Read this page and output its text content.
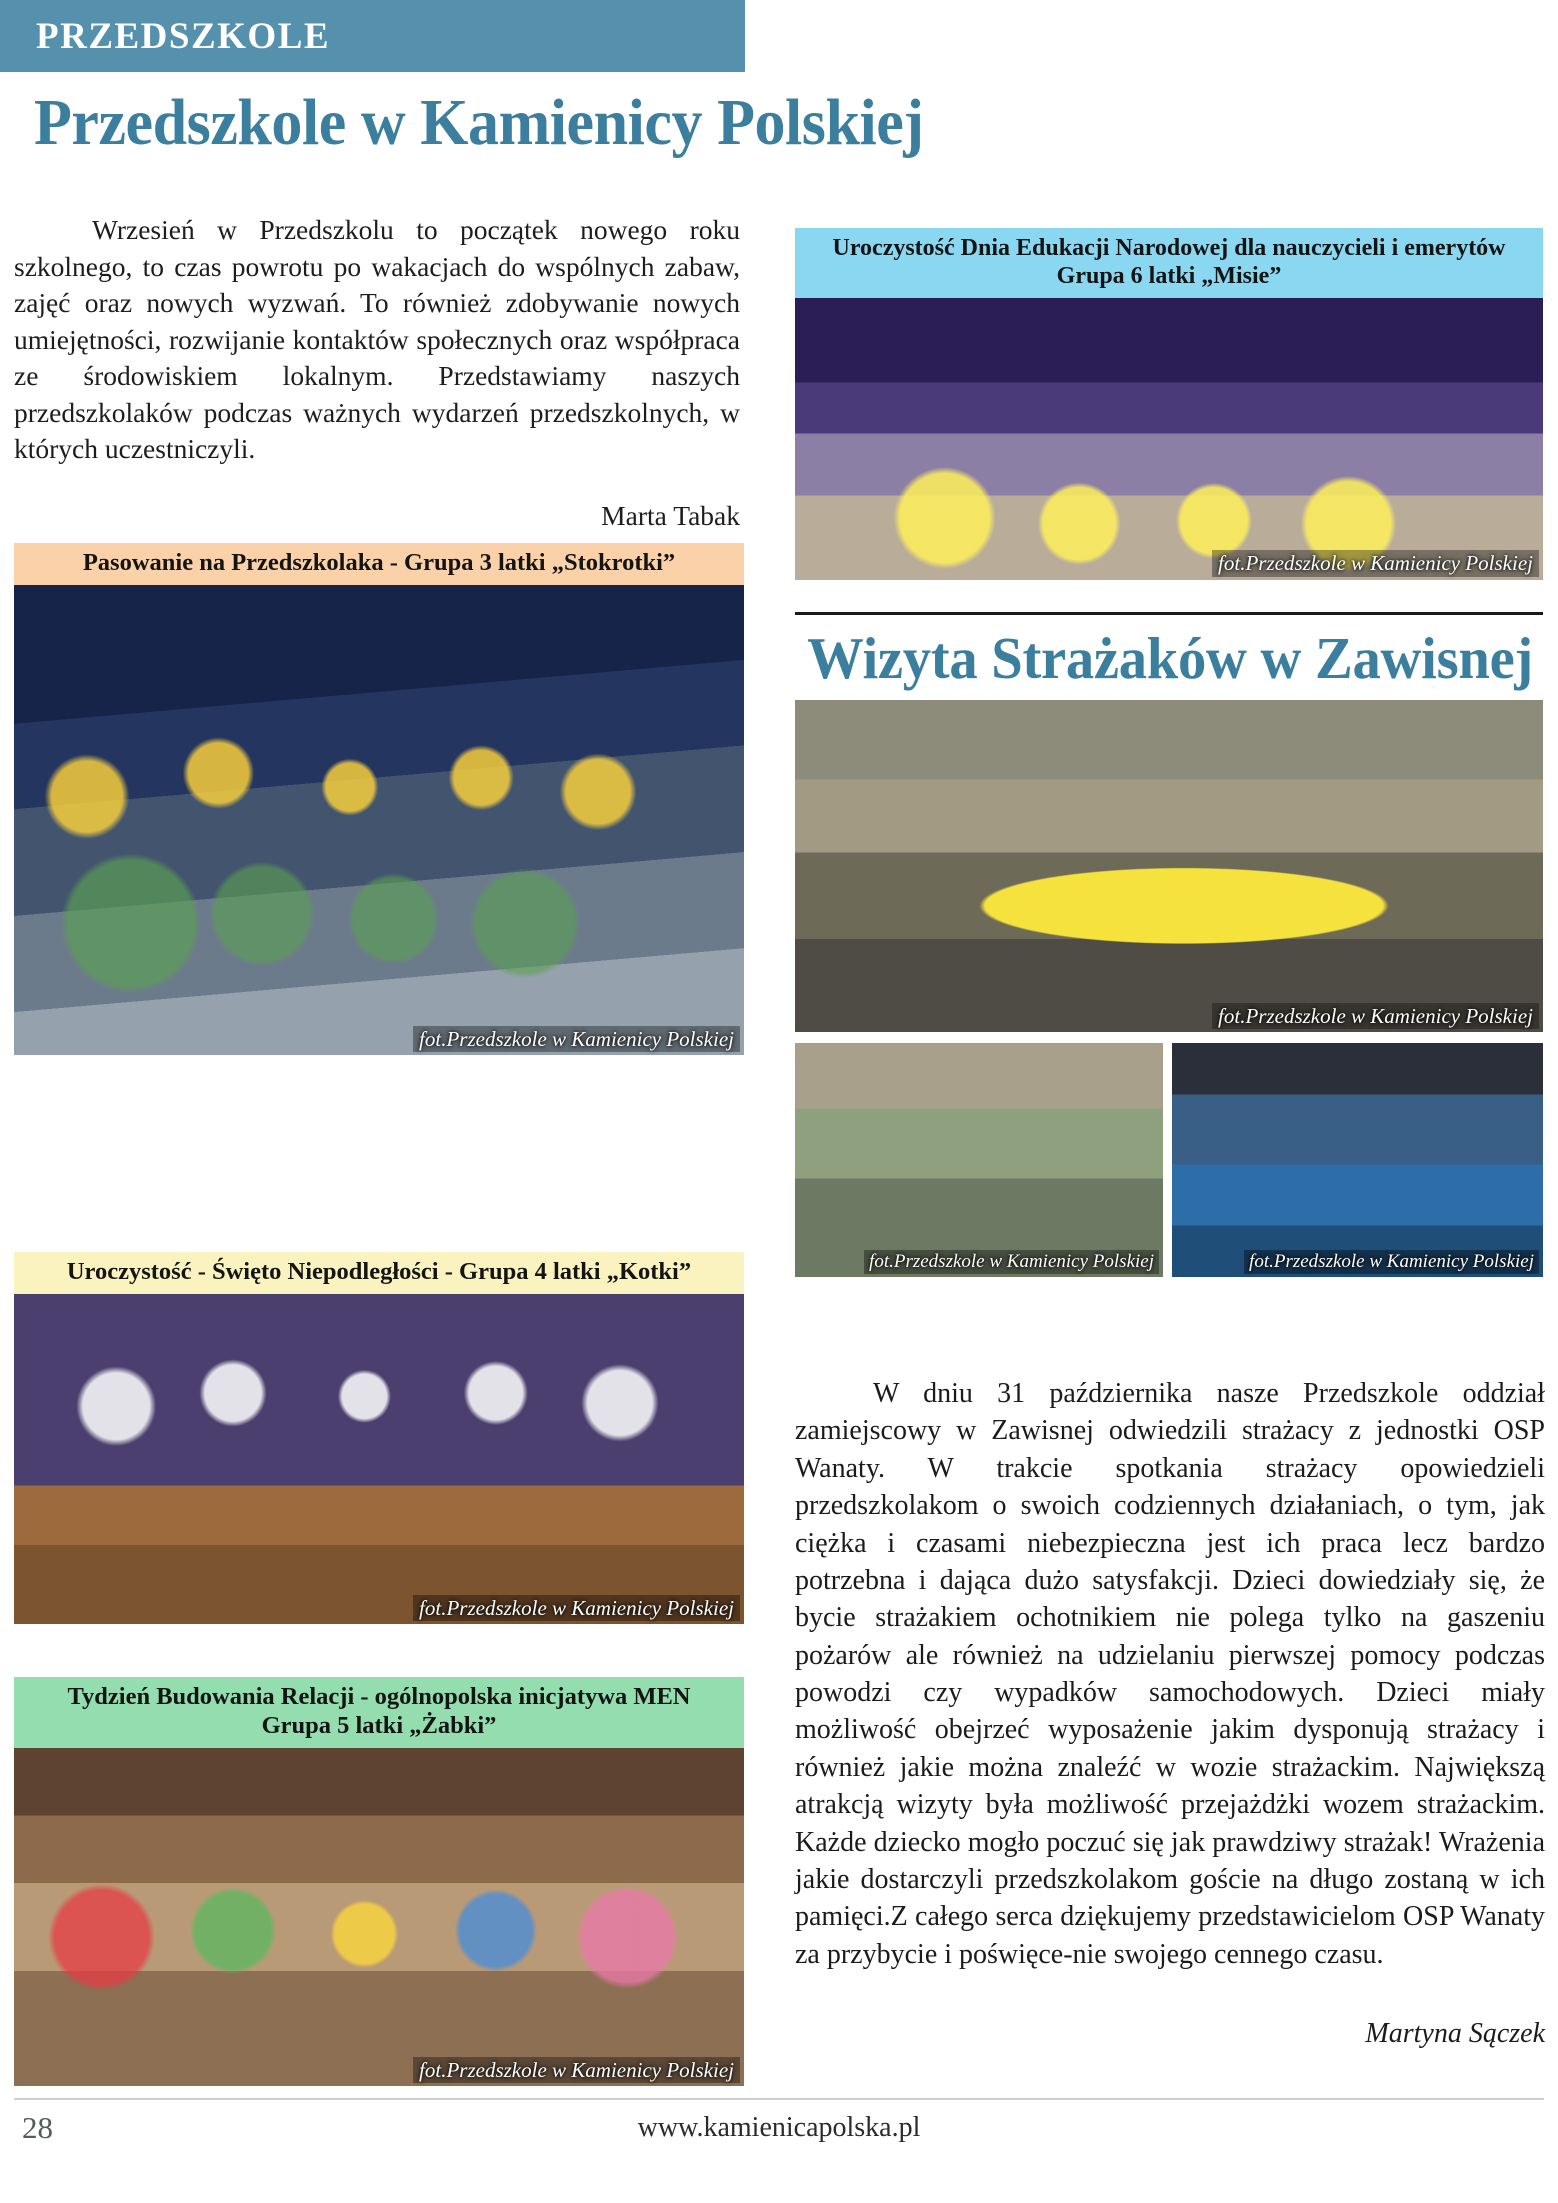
PRZEDSZKOLE
Przedszkole w Kamienicy Polskiej
Wrzesień w Przedszkolu to początek nowego roku szkolnego, to czas powrotu po wakacjach do wspólnych zabaw, zajęć oraz nowych wyzwań. To również zdobywanie nowych umiejętności, rozwijanie kontaktów społecznych oraz współpraca ze środowiskiem lokalnym. Przedstawiamy naszych przedszkolaków podczas ważnych wydarzeń przedszkolnych, w których uczestniczyli.
Marta Tabak
Pasowanie na Przedszkolaka - Grupa 3 latki „Stokrotki”
fot.Przedszkole w Kamienicy Polskiej
Uroczystość - Święto Niepodległości - Grupa 4 latki „Kotki”
fot.Przedszkole w Kamienicy Polskiej
Tydzień Budowania Relacji - ogólnopolska inicjatywa MEN
Grupa 5 latki „Żabki”
fot.Przedszkole w Kamienicy Polskiej
Uroczystość Dnia Edukacji Narodowej dla nauczycieli i emerytów
Grupa 6 latki „Misie”
fot.Przedszkole w Kamienicy Polskiej
Wizyta Strażaków w Zawisnej
fot.Przedszkole w Kamienicy Polskiej
fot.Przedszkole w Kamienicy Polskiej	fot.Przedszkole w Kamienicy Polskiej
W dniu 31 października nasze Przedszkole oddział zamiejscowy w Zawisnej odwiedzili strażacy z jednostki OSP Wanaty. W trakcie spotkania strażacy opowiedzieli przedszkolakom o swoich codziennych działaniach, o tym, jak ciężka i czasami niebezpieczna jest ich praca lecz bardzo potrzebna i dająca dużo satysfakcji. Dzieci dowiedziały się, że bycie strażakiem ochotnikiem nie polega tylko na gaszeniu pożarów ale również na udzielaniu pierwszej pomocy podczas powodzi czy wypadków samochodowych. Dzieci miały możliwość obejrzeć wyposażenie jakim dysponują strażacy i również jakie można znaleźć w wozie strażackim. Największą atrakcją wizyty była możliwość przejażdżki wozem strażackim. Każde dziecko mogło poczuć się jak prawdziwy strażak! Wrażenia jakie dostarczyli przedszkolakom goście na długo zostaną w ich pamięci.Z całego serca dziękujemy przedstawicielom OSP Wanaty za przybycie i poświęce-nie swojego cennego czasu.
Martyna Sączek
28	www.kamienicapolska.pl
